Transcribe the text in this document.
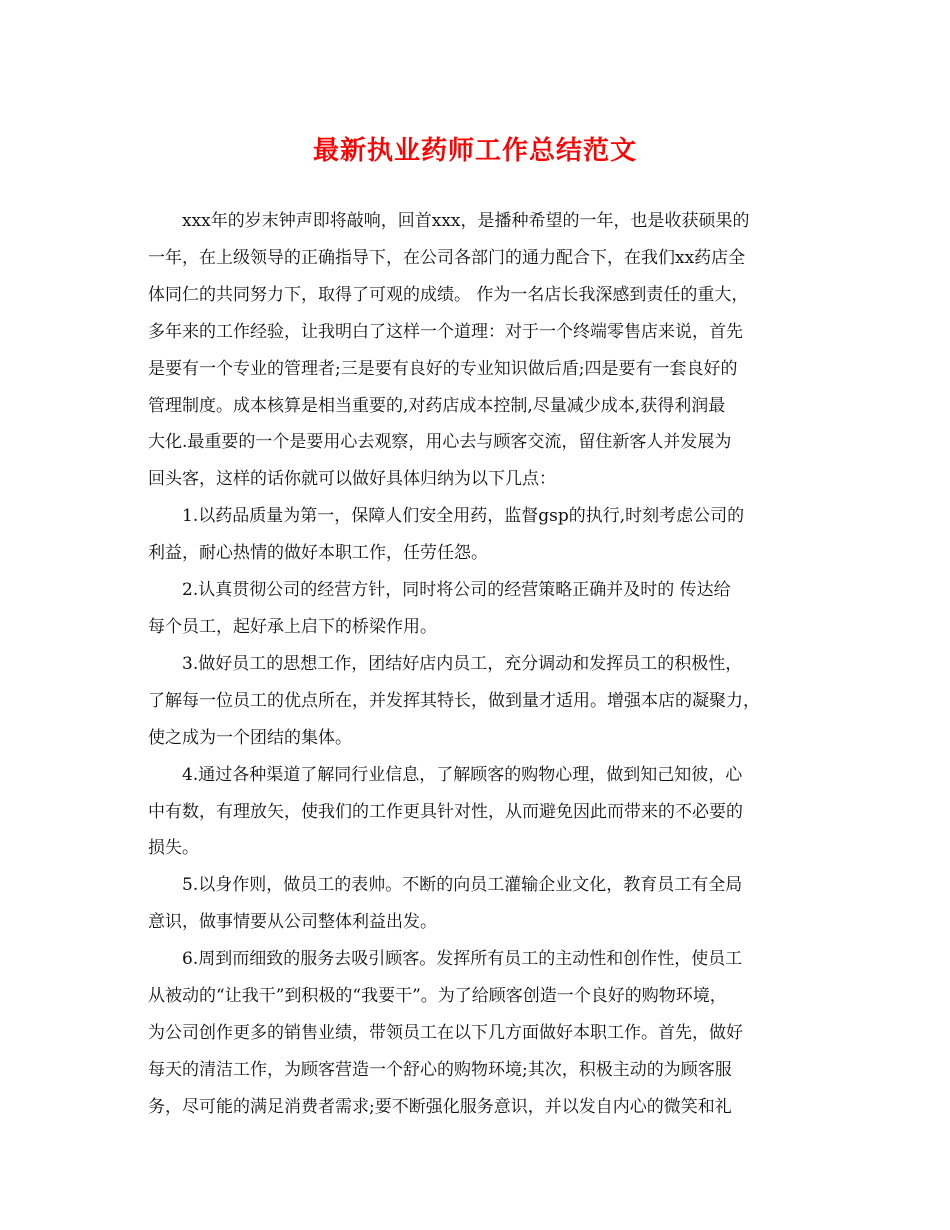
最新执业药师工作总结范文
xxx年的岁末钟声即将敲响，回首xxx，是播种希望的一年，也是收获硕果的
一年，在上级领导的正确指导下，在公司各部门的通力配合下，在我们xx药店全
体同仁的共同努力下，取得了可观的成绩。 作为一名店长我深感到责任的重大，
多年来的工作经验，让我明白了这样一个道理：对于一个终端零售店来说，首先
是要有一个专业的管理者;三是要有良好的专业知识做后盾;四是要有一套良好的
管理制度。成本核算是相当重要的,对药店成本控制,尽量减少成本,获得利润最
大化.最重要的一个是要用心去观察，用心去与顾客交流，留住新客人并发展为
回头客，这样的话你就可以做好具体归纳为以下几点：
1.以药品质量为第一，保障人们安全用药，监督gsp的执行,时刻考虑公司的
利益，耐心热情的做好本职工作，任劳任怨。
2.认真贯彻公司的经营方针，同时将公司的经营策略正确并及时的 传达给
每个员工，起好承上启下的桥梁作用。
3.做好员工的思想工作，团结好店内员工，充分调动和发挥员工的积极性，
了解每一位员工的优点所在，并发挥其特长，做到量才适用。增强本店的凝聚力，
使之成为一个团结的集体。
4.通过各种渠道了解同行业信息，了解顾客的购物心理，做到知己知彼，心
中有数，有理放矢，使我们的工作更具针对性，从而避免因此而带来的不必要的
损失。
5.以身作则，做员工的表帅。不断的向员工灌输企业文化，教育员工有全局
意识，做事情要从公司整体利益出发。
6.周到而细致的服务去吸引顾客。发挥所有员工的主动性和创作性，使员工
从被动的“让我干”到积极的“我要干”。为了给顾客创造一个良好的购物环境，
为公司创作更多的销售业绩，带领员工在以下几方面做好本职工作。首先，做好
每天的清洁工作，为顾客营造一个舒心的购物环境;其次，积极主动的为顾客服
务，尽可能的满足消费者需求;要不断强化服务意识，并以发自内心的微笑和礼
